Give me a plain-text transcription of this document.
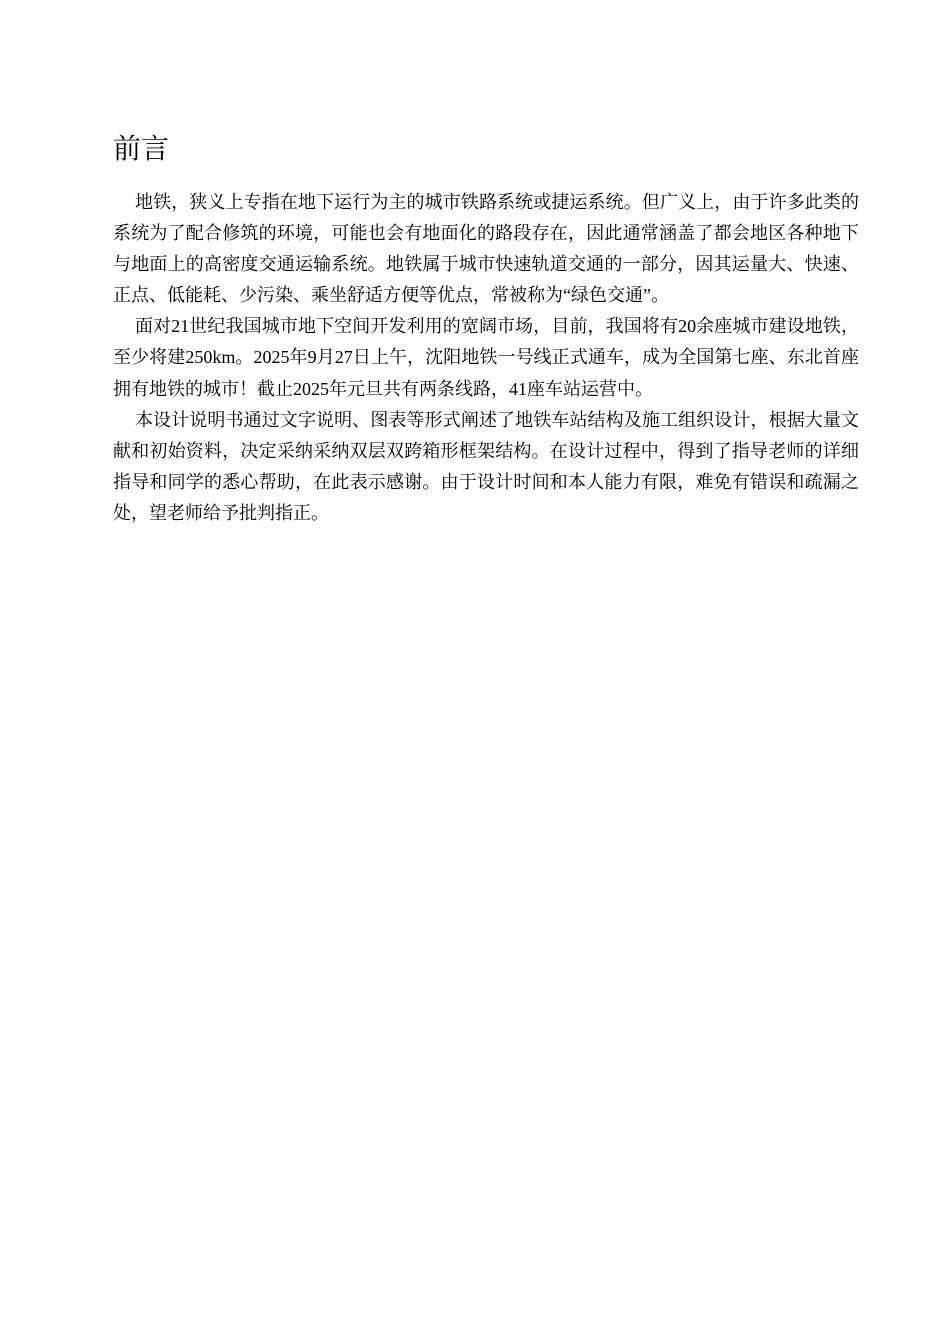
前言

地铁，狭义上专指在地下运行为主的城市铁路系统或捷运系统。但广义上，由于许多此类的系统为了配合修筑的环境，可能也会有地面化的路段存在，因此通常涵盖了都会地区各种地下与地面上的高密度交通运输系统。地铁属于城市快速轨道交通的一部分，因其运量大、快速、正点、低能耗、少污染、乘坐舒适方便等优点，常被称为“绿色交通”。

面对21世纪我国城市地下空间开发利用的宽阔市场，目前，我国将有20余座城市建设地铁，至少将建250km。2025年9月27日上午，沈阳地铁一号线正式通车，成为全国第七座、东北首座拥有地铁的城市！截止2025年元旦共有两条线路，41座车站运营中。

本设计说明书通过文字说明、图表等形式阐述了地铁车站结构及施工组织设计，根据大量文献和初始资料，决定采纳采纳双层双跨箱形框架结构。在设计过程中，得到了指导老师的详细指导和同学的悉心帮助，在此表示感谢。由于设计时间和本人能力有限，难免有错误和疏漏之处，望老师给予批判指正。
